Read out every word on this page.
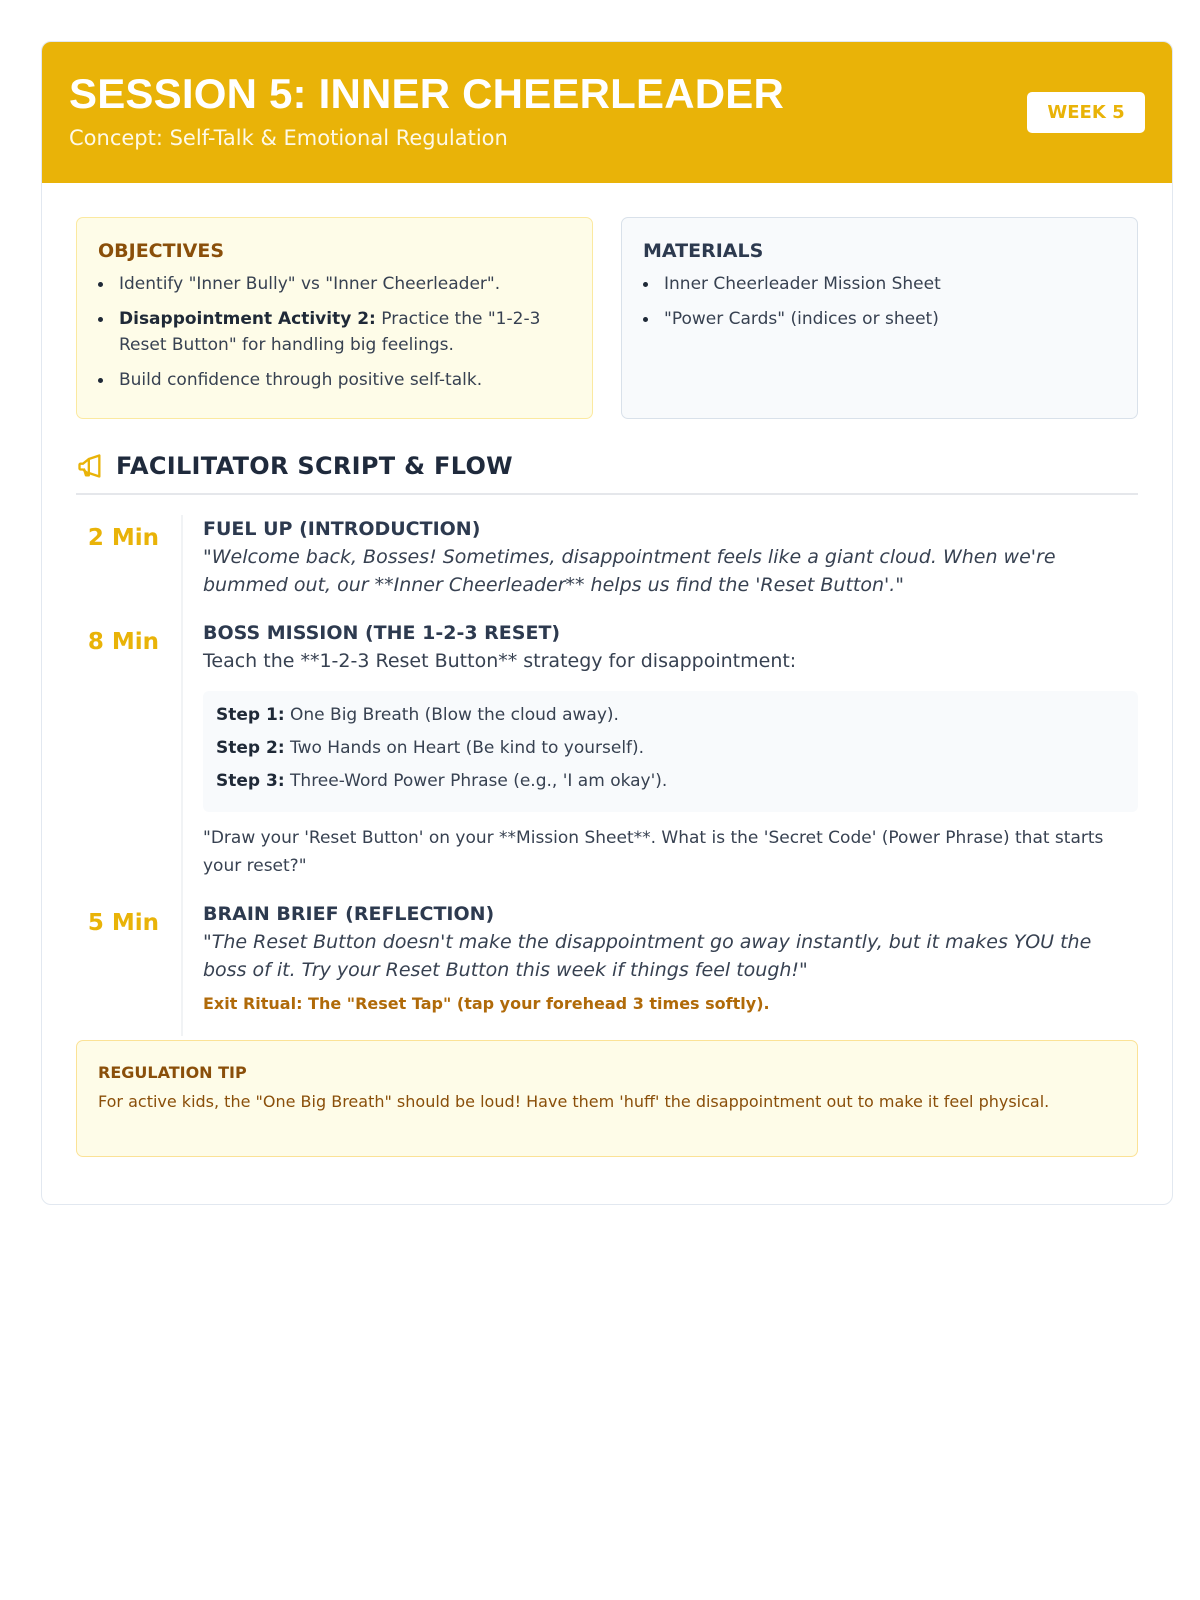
SESSION 5: INNER CHEERLEADER
Concept: Self-Talk & Emotional Regulation
WEEK 5
OBJECTIVES
Identify "Inner Bully" vs "Inner Cheerleader".
Disappointment Activity 2: Practice the "1-2-3 Reset Button" for handling big feelings.
Build confidence through positive self-talk.
MATERIALS
Inner Cheerleader Mission Sheet
"Power Cards" (indices or sheet)
FACILITATOR SCRIPT & FLOW
2 Min	FUEL UP (INTRODUCTION)
"Welcome back, Bosses! Sometimes, disappointment feels like a giant cloud. When we're bummed out, our **Inner Cheerleader** helps us find the 'Reset Button'."
8 Min	BOSS MISSION (THE 1-2-3 RESET)
Teach the **1-2-3 Reset Button** strategy for disappointment:

Step 1: One Big Breath (Blow the cloud away).

Step 2: Two Hands on Heart (Be kind to yourself).

Step 3: Three-Word Power Phrase (e.g., 'I am okay').

"Draw your 'Reset Button' on your **Mission Sheet**. What is the 'Secret Code' (Power Phrase) that starts your reset?"
5 Min	BRAIN BRIEF (REFLECTION)
"The Reset Button doesn't make the disappointment go away instantly, but it makes YOU the boss of it. Try your Reset Button this week if things feel tough!"
Exit Ritual: The "Reset Tap" (tap your forehead 3 times softly).
REGULATION TIP
For active kids, the "One Big Breath" should be loud! Have them 'huff' the disappointment out to make it feel physical.
